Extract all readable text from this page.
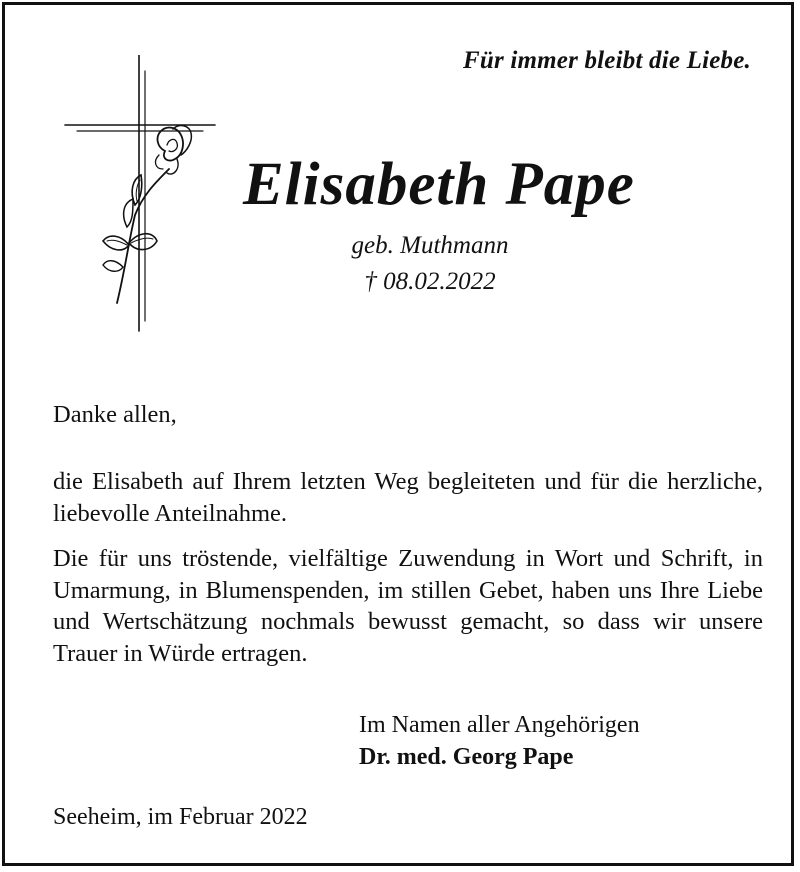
Für immer bleibt die Liebe.
Elisabeth Pape
geb. Muthmann
† 08.02.2022
Danke allen,
die Elisabeth auf Ihrem letzten Weg begleiteten und für die herzliche, liebevolle Anteilnahme.
Die für uns tröstende, vielfältige Zuwendung in Wort und Schrift, in Umarmung, in Blumenspenden, im stillen Gebet, haben uns Ihre Liebe und Wertschätzung nochmals bewusst gemacht, so dass wir unsere Trauer in Würde ertragen.
Im Namen aller Angehörigen
Dr. med. Georg Pape
Seeheim, im Februar 2022
